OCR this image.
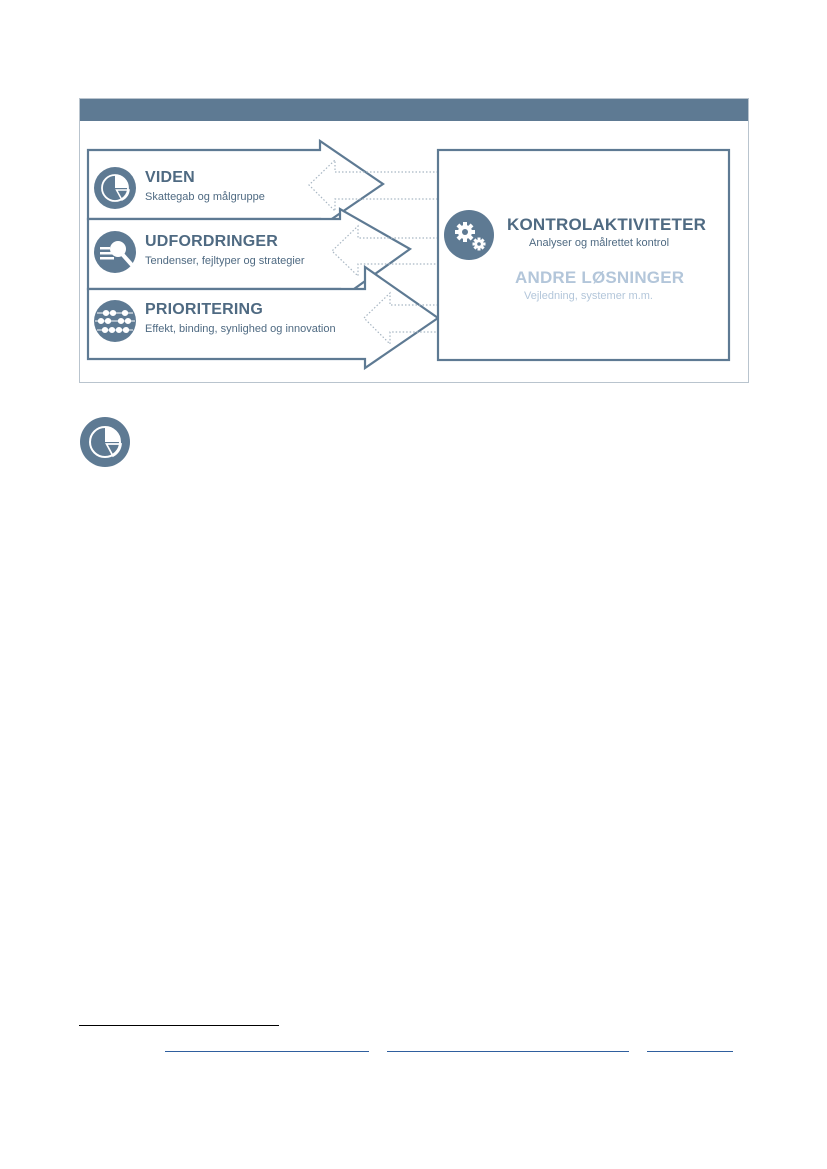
VIDEN
Skattegab og målgruppe
UDFORDRINGER
Tendenser, fejltyper og strategier
PRIORITERING
Effekt, binding, synlighed og innovation
KONTROLAKTIVITETER
Analyser og målrettet kontrol
ANDRE LØSNINGER
Vejledning, systemer m.m.
